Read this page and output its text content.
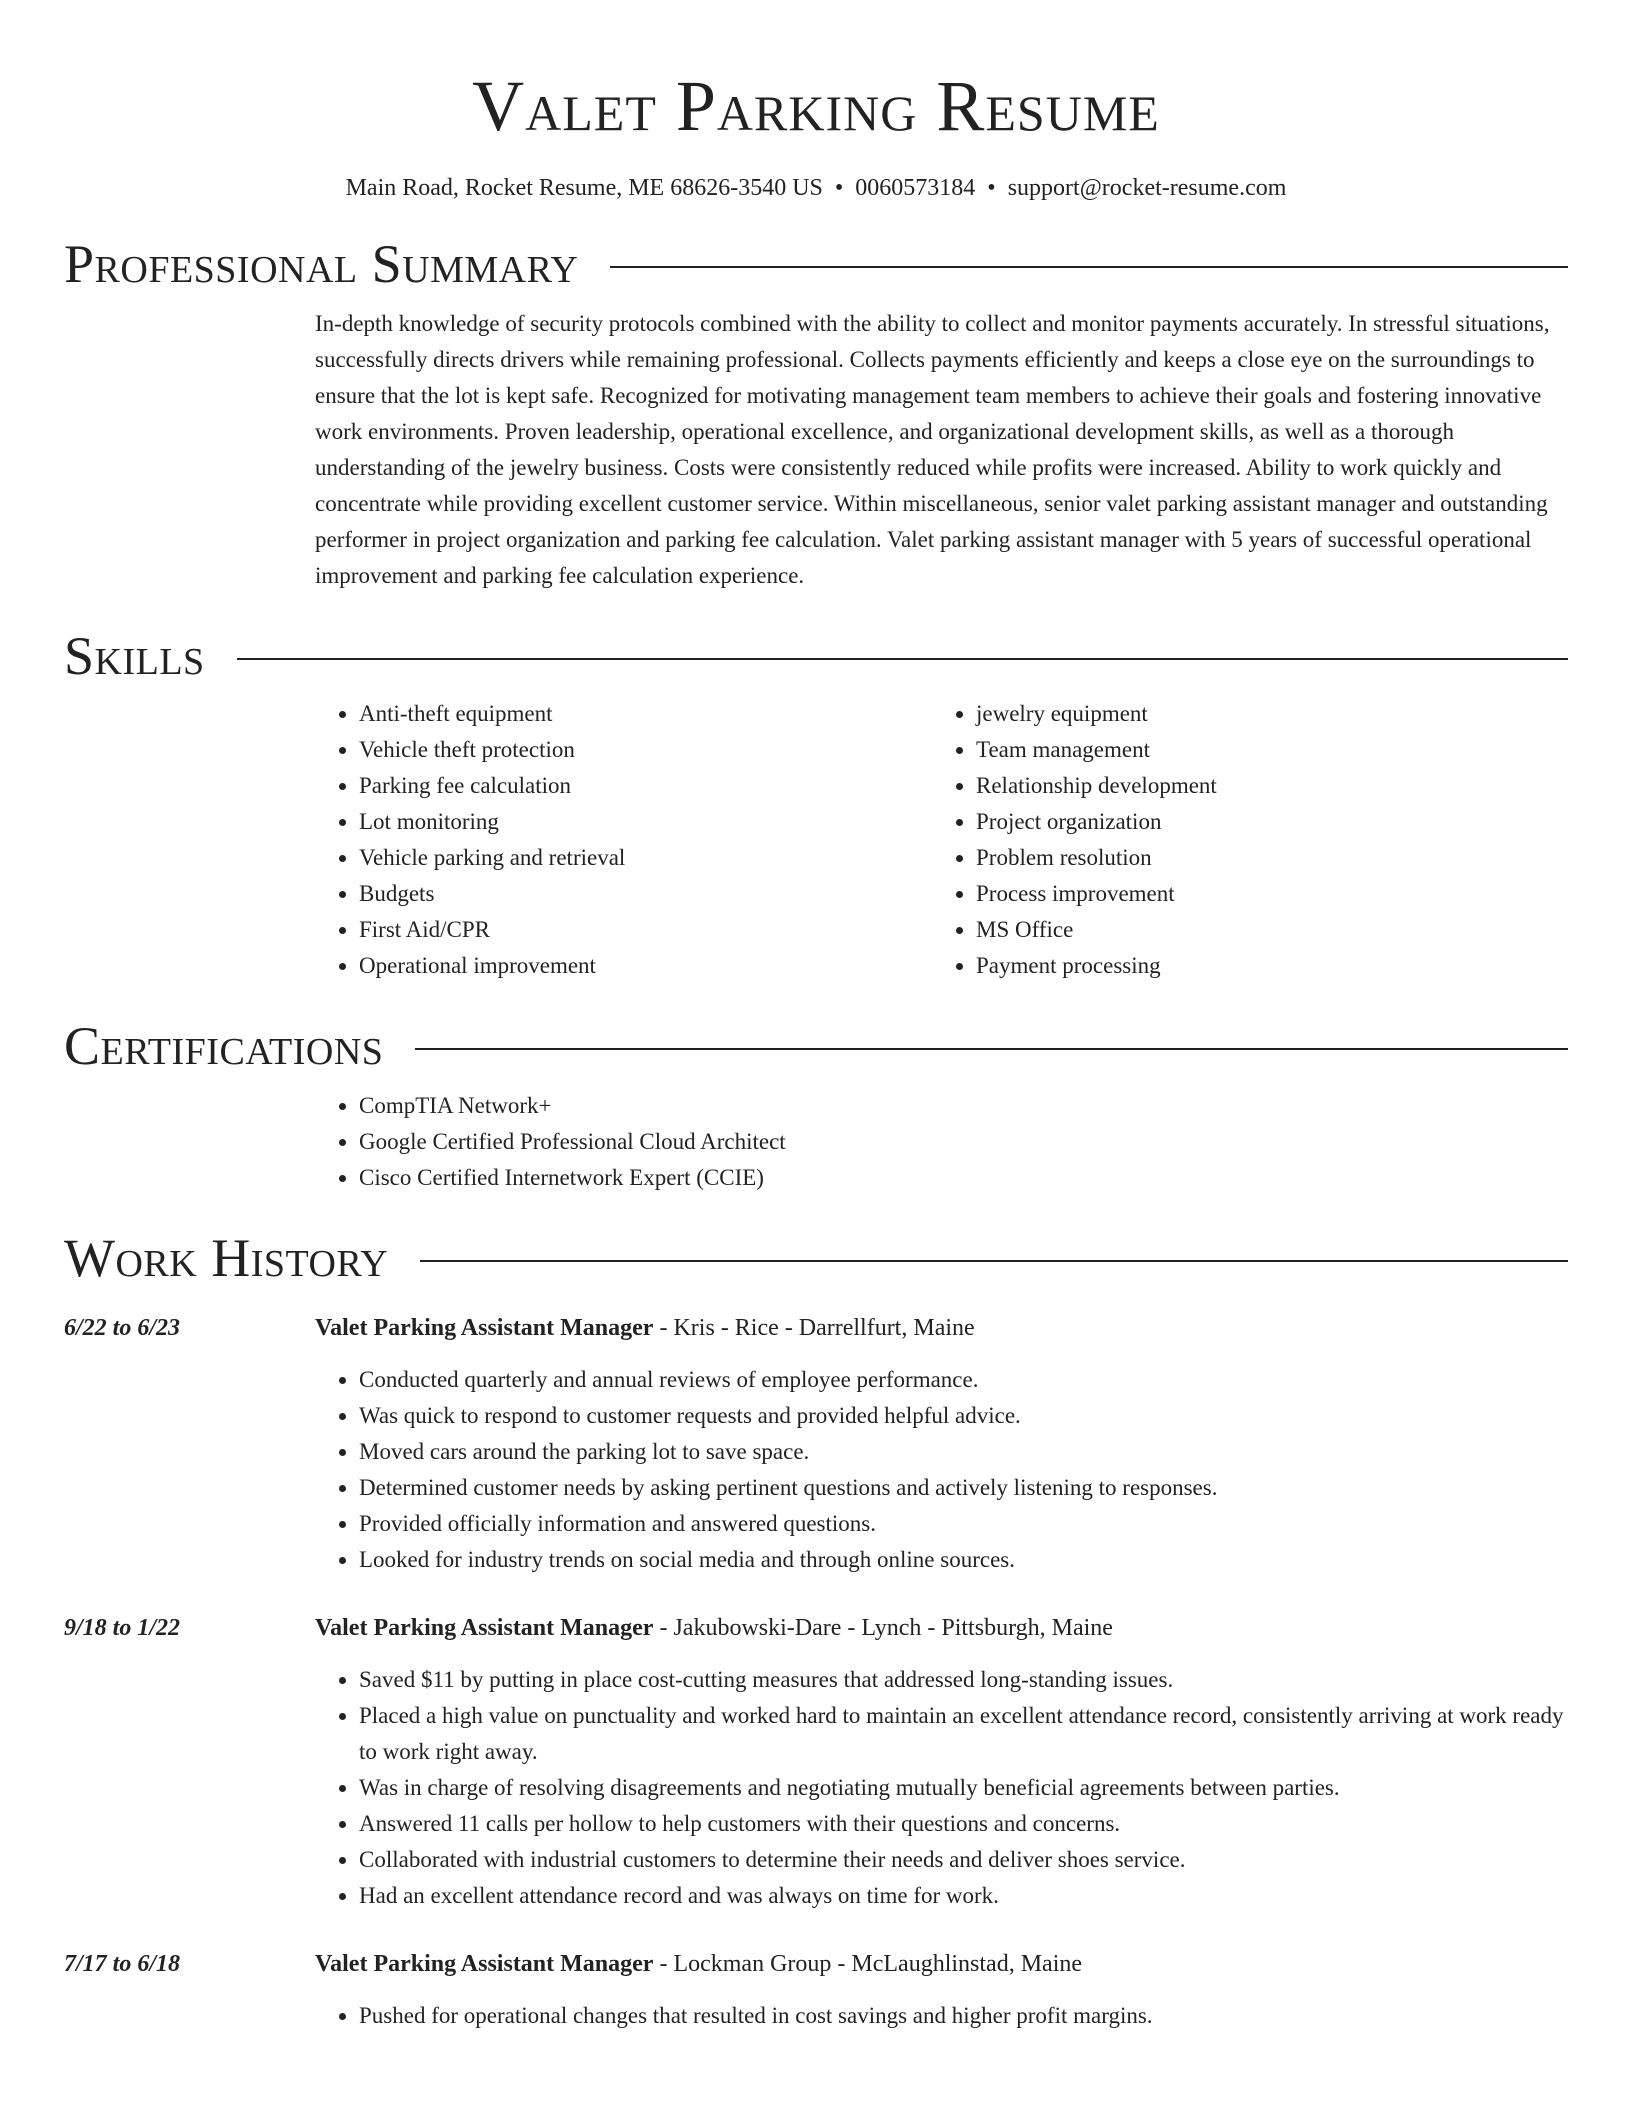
Valet Parking Resume
Main Road, Rocket Resume, ME 68626-3540 US • 0060573184 • support@rocket-resume.com
Professional Summary

In-depth knowledge of security protocols combined with the ability to collect and monitor payments accurately. In stressful situations, successfully directs drivers while remaining professional. Collects payments efficiently and keeps a close eye on the surroundings to ensure that the lot is kept safe. Recognized for motivating management team members to achieve their goals and fostering innovative work environments. Proven leadership, operational excellence, and organizational development skills, as well as a thorough understanding of the jewelry business. Costs were consistently reduced while profits were increased. Ability to work quickly and concentrate while providing excellent customer service. Within miscellaneous, senior valet parking assistant manager and outstanding performer in project organization and parking fee calculation. Valet parking assistant manager with 5 years of successful operational improvement and parking fee calculation experience.

Skills
• Anti-theft equipment
• Vehicle theft protection
• Parking fee calculation
• Lot monitoring
• Vehicle parking and retrieval
• Budgets
• First Aid/CPR
• Operational improvement
• jewelry equipment
• Team management
• Relationship development
• Project organization
• Problem resolution
• Process improvement
• MS Office
• Payment processing
Certifications
• CompTIA Network+
• Google Certified Professional Cloud Architect
• Cisco Certified Internetwork Expert (CCIE)
Work History
6/22 to 6/23	Valet Parking Assistant Manager - Kris - Rice - Darrellfurt, Maine
• Conducted quarterly and annual reviews of employee performance.
• Was quick to respond to customer requests and provided helpful advice.
• Moved cars around the parking lot to save space.
• Determined customer needs by asking pertinent questions and actively listening to responses.
• Provided officially information and answered questions.
• Looked for industry trends on social media and through online sources.
9/18 to 1/22	Valet Parking Assistant Manager - Jakubowski-Dare - Lynch - Pittsburgh, Maine
• Saved $11 by putting in place cost-cutting measures that addressed long-standing issues.
• Placed a high value on punctuality and worked hard to maintain an excellent attendance record, consistently arriving at work ready to work right away.
• Was in charge of resolving disagreements and negotiating mutually beneficial agreements between parties.
• Answered 11 calls per hollow to help customers with their questions and concerns.
• Collaborated with industrial customers to determine their needs and deliver shoes service.
• Had an excellent attendance record and was always on time for work.
7/17 to 6/18	Valet Parking Assistant Manager - Lockman Group - McLaughlinstad, Maine
• Pushed for operational changes that resulted in cost savings and higher profit margins.
